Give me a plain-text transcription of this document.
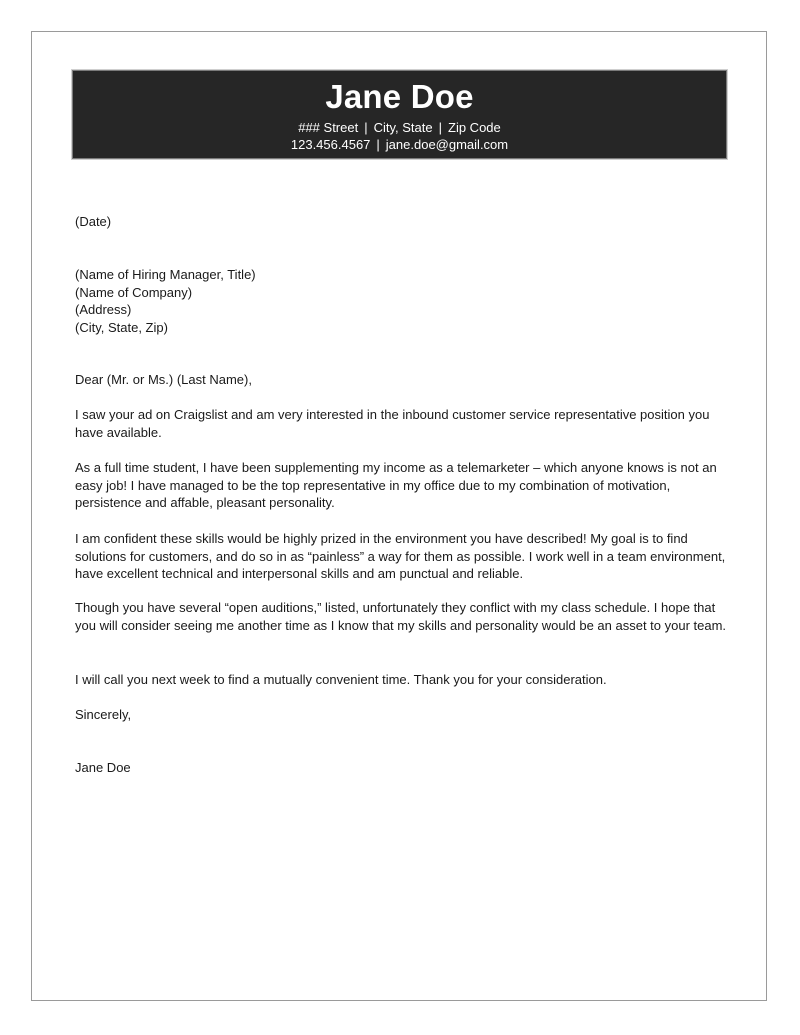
Jane Doe
### Street | City, State | Zip Code
123.456.4567 | jane.doe@gmail.com
(Date)

(Name of Hiring Manager, Title)

(Name of Company)

(Address)

(City, State, Zip)

Dear (Mr. or Ms.) (Last Name),
I saw your ad on Craigslist and am very interested in the inbound customer service representative position you have available.
As a full time student, I have been supplementing my income as a telemarketer – which anyone knows is not an easy job! I have managed to be the top representative in my office due to my combination of motivation, persistence and affable, pleasant personality.
I am confident these skills would be highly prized in the environment you have described! My goal is to find solutions for customers, and do so in as “painless” a way for them as possible. I work well in a team environment, have excellent technical and interpersonal skills and am punctual and reliable.
Though you have several “open auditions,” listed, unfortunately they conflict with my class schedule. I hope that you will consider seeing me another time as I know that my skills and personality would be an asset to your team.
I will call you next week to find a mutually convenient time. Thank you for your consideration.
Sincerely,
Jane Doe
